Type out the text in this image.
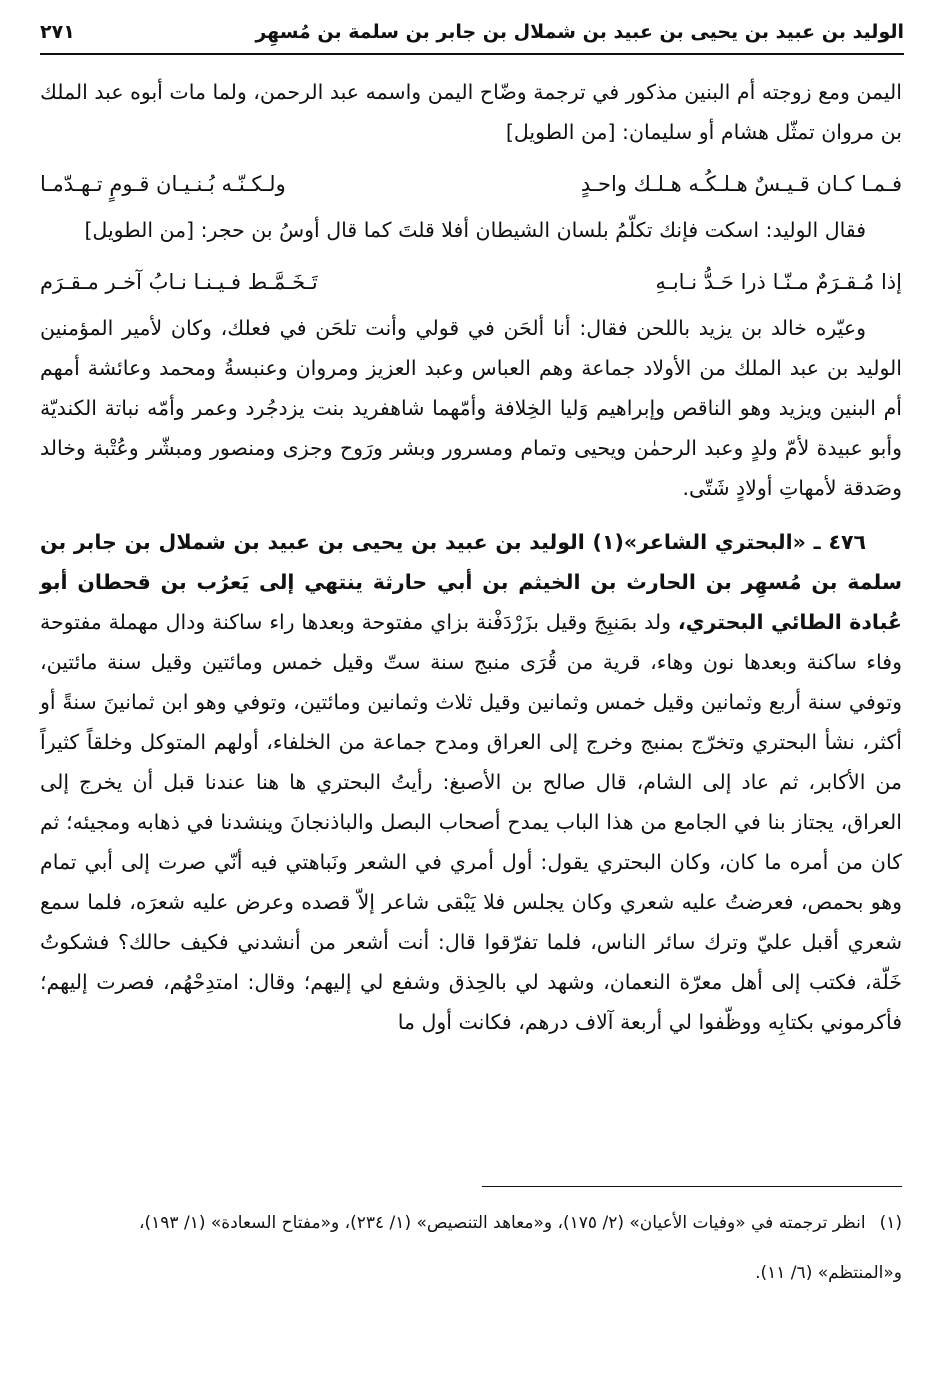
الوليد بن عبيد بن يحيى بن عبيد بن شملال بن جابر بن سلمة بن مُسهِر
٢٧١

اليمن ومع زوجته أم البنين مذكور في ترجمة وضّاح اليمن واسمه عبد الرحمن، ولما مات أبوه عبد الملك بن مروان تمثّل هشام أو سليمان: [من الطويل]

فـمـا كـان قـيـسٌ هـلـكُـه هـلـك واحـدٍ
ولـكـنّـه بُـنـيـان قـومٍ تـهـدّمـا

فقال الوليد: اسكت فإنك تكلّمُ بلسان الشيطان أفلا قلتَ كما قال أوسُ بن حجر: [من الطويل]

إذا مُـقـرَمٌ مـنّـا ذرا حَـدُّ نـابـهِ
تَـخَـمَّـط فـيـنـا نـابُ آخـر مـقـرَم

وعيّره خالد بن يزيد باللحن فقال: أنا ألحَن في قولي وأنت تلحَن في فعلك، وكان لأمير المؤمنين الوليد بن عبد الملك من الأولاد جماعة وهم العباس وعبد العزيز ومروان وعنبسةُ ومحمد وعائشة أمهم أم البنين ويزيد وهو الناقص وإبراهيم وَليا الخِلافة وأمّهما شاهفريد بنت يزدجُرد وعمر وأمّه نباتة الكنديّة وأبو عبيدة لأمّ ولدٍ وعبد الرحمٰن ويحيى وتمام ومسرور وبشر ورَوح وجزى ومنصور ومبشّر وعُتْبة وخالد وصَدقة لأمهاتِ أولادٍ شَتّى.

٤٧٦ ـ «البحتري الشاعر»(١) الوليد بن عبيد بن يحيى بن عبيد بن شملال بن جابر بن سلمة بن مُسهِر بن الحارث بن الخيثم بن أبي حارثة ينتهي إلى يَعرُب بن قحطان أبو عُبادة الطائي البحتري، ولد بمَنبِجَ وقيل بزَرْدَفْنة بزاي مفتوحة وبعدها راء ساكنة ودال مهملة مفتوحة وفاء ساكنة وبعدها نون وهاء، قرية من قُرَى منبج سنة ستّ وقيل خمس ومائتين وقيل سنة مائتين، وتوفي سنة أربع وثمانين وقيل خمس وثمانين وقيل ثلاث وثمانين ومائتين، وتوفي وهو ابن ثمانينَ سنةً أو أكثر، نشأ البحتري وتخرّج بمنبج وخرج إلى العراق ومدح جماعة من الخلفاء، أولهم المتوكل وخلقاً كثيراً من الأكابر، ثم عاد إلى الشام، قال صالح بن الأصبغ: رأيتُ البحتري ها هنا عندنا قبل أن يخرج إلى العراق، يجتاز بنا في الجامع من هذا الباب يمدح أصحاب البصل والباذنجانَ وينشدنا في ذهابه ومجيئه؛ ثم كان من أمره ما كان، وكان البحتري يقول: أول أمري في الشعر ونَباهتي فيه أنّي صرت إلى أبي تمام وهو بحمص، فعرضتُ عليه شعري وكان يجلس فلا يَبْقى شاعر إلاّ قصده وعرض عليه شعرَه، فلما سمع شعري أقبل عليّ وترك سائر الناس، فلما تفرّقوا قال: أنت أشعر من أنشدني فكيف حالك؟ فشكوتُ خَلّة، فكتب إلى أهل معرّة النعمان، وشهد لي بالحِذق وشفع لي إليهم؛ وقال: امتدِحْهُم، فصرت إليهم؛ فأكرموني بكتابِه ووظّفوا لي أربعة آلاف درهم، فكانت أول ما

(١)انظر ترجمته في «وفيات الأعيان» (٢/ ١٧٥)، و«معاهد التنصيص» (١/ ٢٣٤)، و«مفتاح السعادة» (١/ ١٩٣)،

و«المنتظم» (٦/ ١١).
